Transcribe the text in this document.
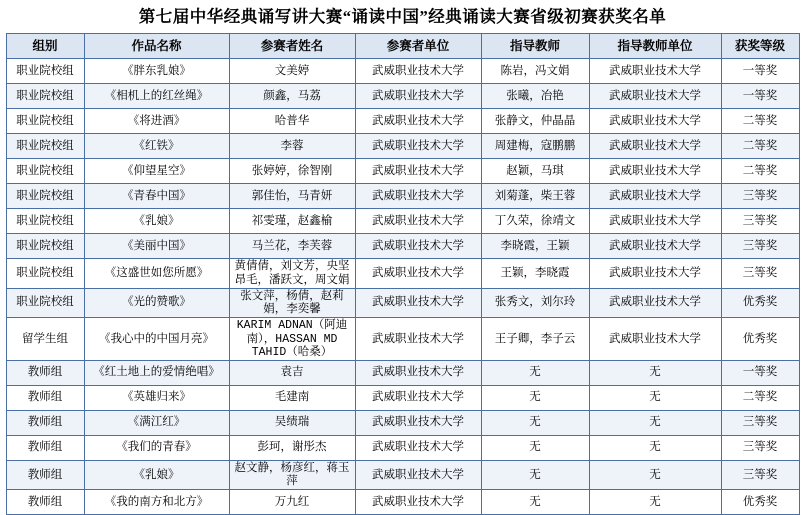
第七届中华经典诵写讲大赛“诵读中国”经典诵读大赛省级初赛获奖名单
组别	作品名称	参赛者姓名	参赛者单位	指导教师	指导教师单位	获奖等级
职业院校组	《胖东乳娘》	文美婷	武威职业技术大学	陈岩，冯文娟	武威职业技术大学	一等奖
职业院校组	《相机上的红丝绳》	颜鑫，马荔	武威职业技术大学	张曦，冶艳	武威职业技术大学	一等奖
职业院校组	《将进酒》	哈普华	武威职业技术大学	张静文，仲晶晶	武威职业技术大学	二等奖
职业院校组	《红铁》	李蓉	武威职业技术大学	周建梅，寇鹏鹏	武威职业技术大学	二等奖
职业院校组	《仰望星空》	张婷婷，徐智刚	武威职业技术大学	赵颖，马琪	武威职业技术大学	二等奖
职业院校组	《青春中国》	郭佳怡，马青妍	武威职业技术大学	刘菊蓬，柴王蓉	武威职业技术大学	三等奖
职业院校组	《乳娘》	祁雯瑾，赵鑫榆	武威职业技术大学	丁久荣，徐靖文	武威职业技术大学	三等奖
职业院校组	《美丽中国》	马兰花，李芙蓉	武威职业技术大学	李晓霞，王颖	武威职业技术大学	三等奖
职业院校组	《这盛世如您所愿》	黄倩倩，刘文芳，央坚昂毛，潘跃文，周文娟	武威职业技术大学	王颖，李晓霞	武威职业技术大学	三等奖
职业院校组	《光的赞歌》	张文萍，杨倩，赵莉娟，李奕馨	武威职业技术大学	张秀文，刘尔玲	武威职业技术大学	优秀奖
留学生组	《我心中的中国月亮》	KARIM ADNAN（阿迪南），HASSAN MD TAHID（哈桑）	武威职业技术大学	王子卿，李子云	武威职业技术大学	优秀奖
教师组	《红土地上的爱情绝唱》	袁吉	武威职业技术大学	无	无	一等奖
教师组	《英雄归来》	毛建南	武威职业技术大学	无	无	二等奖
教师组	《满江红》	吴绩瑞	武威职业技术大学	无	无	三等奖
教师组	《我们的青春》	彭珂，谢彤杰	武威职业技术大学	无	无	三等奖
教师组	《乳娘》	赵文静，杨彦红，蒋玉萍	武威职业技术大学	无	无	三等奖
教师组	《我的南方和北方》	万九红	武威职业技术大学	无	无	优秀奖
